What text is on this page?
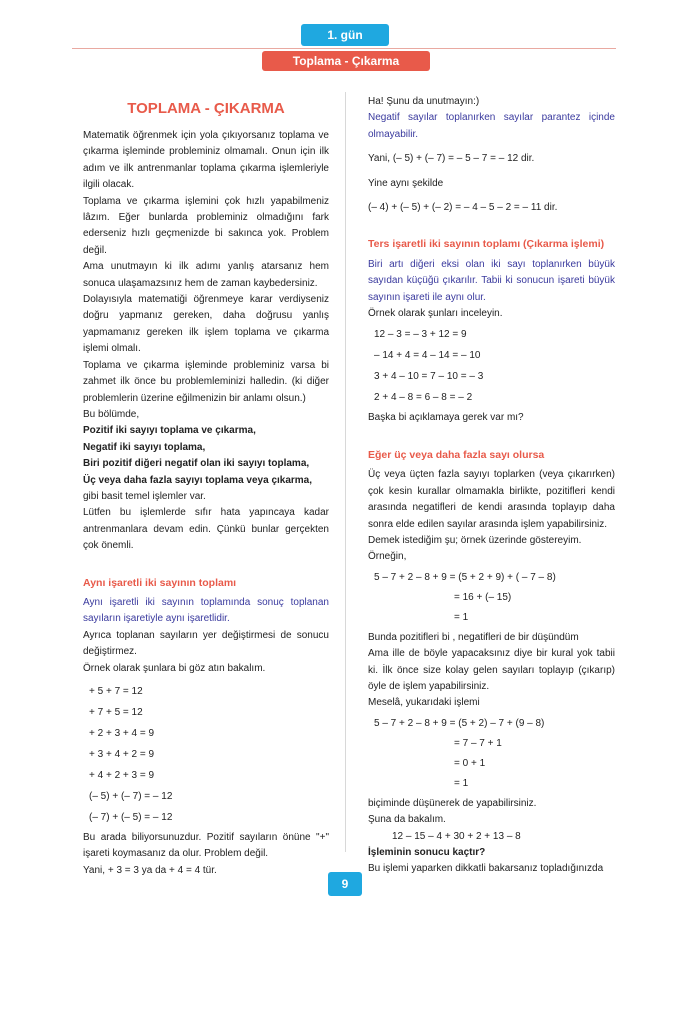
1. gün
Toplama - Çıkarma
TOPLAMA - ÇIKARMA

Matematik öğrenmek için yola çıkıyorsanız toplama ve çıkarma işleminde probleminiz olmamalı. Onun için ilk adım ve ilk antrenmanlar toplama çıkarma işlemleriyle ilgili olacak.

Toplama ve çıkarma işlemini çok hızlı yapabilmeniz lâzım. Eğer bunlarda probleminiz olmadığını fark ederseniz hızlı geçmenizde bi sakınca yok. Problem değil.

Ama unutmayın ki ilk adımı yanlış atarsanız hem sonuca ulaşamazsınız hem de zaman kaybedersiniz.

Dolayısıyla matematiği öğrenmeye karar verdiyseniz doğru yapmanız gereken, daha doğrusu yanlış yapmamanız gereken ilk işlem toplama ve çıkarma işlemi olmalı.

Toplama ve çıkarma işleminde probleminiz varsa bi zahmet ilk önce bu problemleminizi halledin. (ki diğer problemlerin üzerine eğilmenizin bir anlamı olsun.)

Bu bölümde,

Pozitif iki sayıyı toplama ve çıkarma,

Negatif iki sayıyı toplama,

Biri pozitif diğeri negatif olan iki sayıyı toplama,

Üç veya daha fazla sayıyı toplama veya çıkarma,

gibi basit temel işlemler var.

Lütfen bu işlemlerde sıfır hata yapıncaya kadar antrenmanlara devam edin. Çünkü bunlar gerçekten çok önemli.

Aynı işaretli iki sayının toplamı

Aynı işaretli iki sayının toplamında sonuç toplanan sayıların işaretiyle aynı işaretlidir.

Ayrıca toplanan sayıların yer değiştirmesi de sonucu değiştirmez.

Örnek olarak şunlara bi göz atın bakalım.

+ 5 + 7 = 12

+ 7 + 5 = 12

+ 2 + 3 + 4 = 9

+ 3 + 4 + 2 = 9

+ 4 + 2 + 3 = 9

(– 5) + (– 7) = – 12

(– 7) + (– 5) = – 12

Bu arada biliyorsunuzdur. Pozitif sayıların önüne "+" işareti koymasanız da olur. Problem değil.

Yani, + 3 = 3 ya da + 4 = 4 tür.

Ha! Şunu da unutmayın:)

Negatif sayılar toplanırken sayılar parantez içinde olmayabilir.

Yani, (– 5) + (– 7) = – 5 – 7 = – 12 dir.

Yine aynı şekilde

(– 4) + (– 5) + (– 2) = – 4 – 5 – 2 = – 11 dir.

Ters işaretli iki sayının toplamı (Çıkarma işlemi)

Biri artı diğeri eksi olan iki sayı toplanırken büyük sayıdan küçüğü çıkarılır. Tabii ki sonucun işareti büyük sayının işareti ile aynı olur.

Örnek olarak şunları inceleyin.

12 – 3 = – 3 + 12 = 9

– 14 + 4 = 4 – 14 = – 10

3 + 4 – 10 = 7 – 10 = – 3

2 + 4 – 8 = 6 – 8 = – 2

Başka bi açıklamaya gerek var mı?

Eğer üç veya daha fazla sayı olursa

Üç veya üçten fazla sayıyı toplarken (veya çıkarırken) çok kesin kurallar olmamakla birlikte, pozitifleri kendi arasında negatifleri de kendi arasında toplayıp daha sonra elde edilen sayılar arasında işlem yapabilirsiniz.

Demek istediğim şu; örnek üzerinde göstereyim.

Örneğin,

5 – 7 + 2 – 8 + 9 = (5 + 2 + 9) + ( – 7 – 8)

= 16 + (– 15)

= 1

Bunda pozitifleri bi , negatifleri de bir düşündüm

Ama ille de böyle yapacaksınız diye bir kural yok tabii ki. İlk önce size kolay gelen sayıları toplayıp (çıkarıp) öyle de işlem yapabilirsiniz.

Meselâ, yukarıdaki işlemi

5 – 7 + 2 – 8 + 9 = (5 + 2) – 7 + (9 – 8)

= 7 – 7 + 1

= 0 + 1

= 1

biçiminde düşünerek de yapabilirsiniz.

Şuna da bakalım.

12 – 15 – 4 + 30 + 2 + 13 – 8

İşleminin sonucu kaçtır?

Bu işlemi yaparken dikkatli bakarsanız topladığınızda

9
